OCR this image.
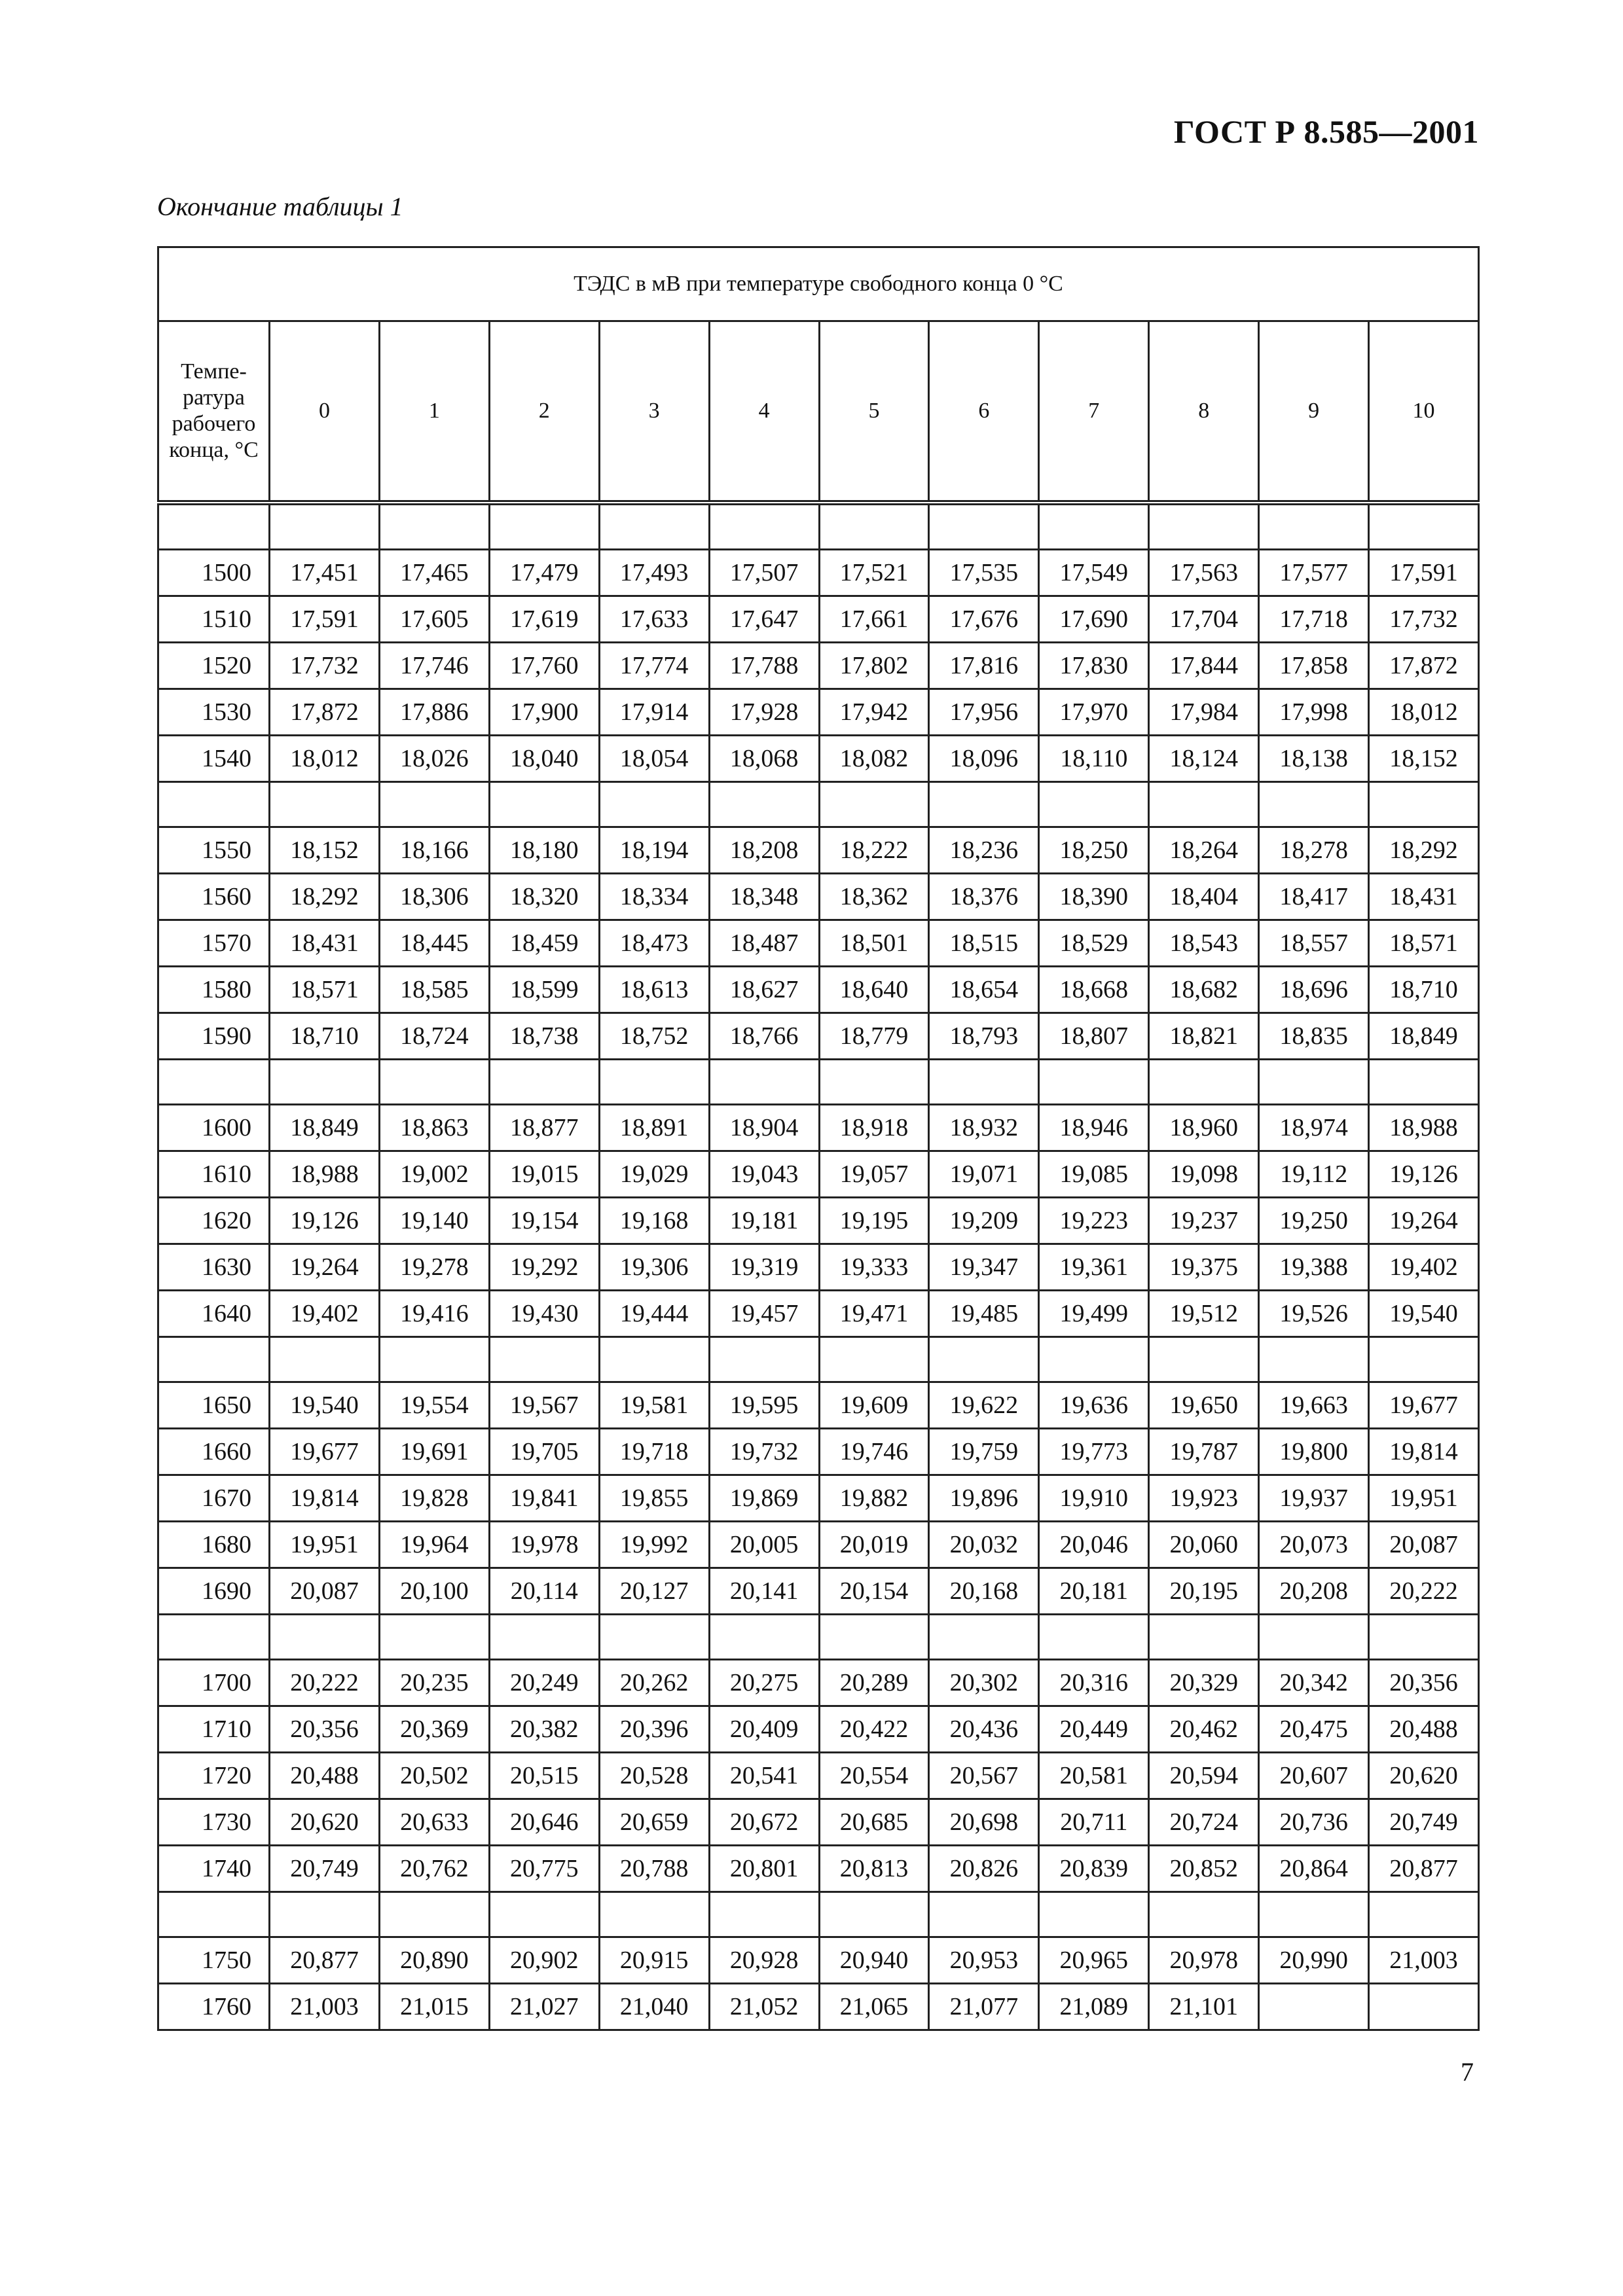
ГОСТ Р 8.585—2001
Окончание таблицы 1
ТЭДС в мВ при температуре свободного конца 0 °С											
Темпе-ратура рабочего конца, °С	0	1	2	3	4	5	6	7	8	9	10

1500	17,451	17,465	17,479	17,493	17,507	17,521	17,535	17,549	17,563	17,577	17,591
1510	17,591	17,605	17,619	17,633	17,647	17,661	17,676	17,690	17,704	17,718	17,732
1520	17,732	17,746	17,760	17,774	17,788	17,802	17,816	17,830	17,844	17,858	17,872
1530	17,872	17,886	17,900	17,914	17,928	17,942	17,956	17,970	17,984	17,998	18,012
1540	18,012	18,026	18,040	18,054	18,068	18,082	18,096	18,110	18,124	18,138	18,152

1550	18,152	18,166	18,180	18,194	18,208	18,222	18,236	18,250	18,264	18,278	18,292
1560	18,292	18,306	18,320	18,334	18,348	18,362	18,376	18,390	18,404	18,417	18,431
1570	18,431	18,445	18,459	18,473	18,487	18,501	18,515	18,529	18,543	18,557	18,571
1580	18,571	18,585	18,599	18,613	18,627	18,640	18,654	18,668	18,682	18,696	18,710
1590	18,710	18,724	18,738	18,752	18,766	18,779	18,793	18,807	18,821	18,835	18,849

1600	18,849	18,863	18,877	18,891	18,904	18,918	18,932	18,946	18,960	18,974	18,988
1610	18,988	19,002	19,015	19,029	19,043	19,057	19,071	19,085	19,098	19,112	19,126
1620	19,126	19,140	19,154	19,168	19,181	19,195	19,209	19,223	19,237	19,250	19,264
1630	19,264	19,278	19,292	19,306	19,319	19,333	19,347	19,361	19,375	19,388	19,402
1640	19,402	19,416	19,430	19,444	19,457	19,471	19,485	19,499	19,512	19,526	19,540

1650	19,540	19,554	19,567	19,581	19,595	19,609	19,622	19,636	19,650	19,663	19,677
1660	19,677	19,691	19,705	19,718	19,732	19,746	19,759	19,773	19,787	19,800	19,814
1670	19,814	19,828	19,841	19,855	19,869	19,882	19,896	19,910	19,923	19,937	19,951
1680	19,951	19,964	19,978	19,992	20,005	20,019	20,032	20,046	20,060	20,073	20,087
1690	20,087	20,100	20,114	20,127	20,141	20,154	20,168	20,181	20,195	20,208	20,222

1700	20,222	20,235	20,249	20,262	20,275	20,289	20,302	20,316	20,329	20,342	20,356
1710	20,356	20,369	20,382	20,396	20,409	20,422	20,436	20,449	20,462	20,475	20,488
1720	20,488	20,502	20,515	20,528	20,541	20,554	20,567	20,581	20,594	20,607	20,620
1730	20,620	20,633	20,646	20,659	20,672	20,685	20,698	20,711	20,724	20,736	20,749
1740	20,749	20,762	20,775	20,788	20,801	20,813	20,826	20,839	20,852	20,864	20,877

1750	20,877	20,890	20,902	20,915	20,928	20,940	20,953	20,965	20,978	20,990	21,003
1760	21,003	21,015	21,027	21,040	21,052	21,065	21,077	21,089	21,101		
7
